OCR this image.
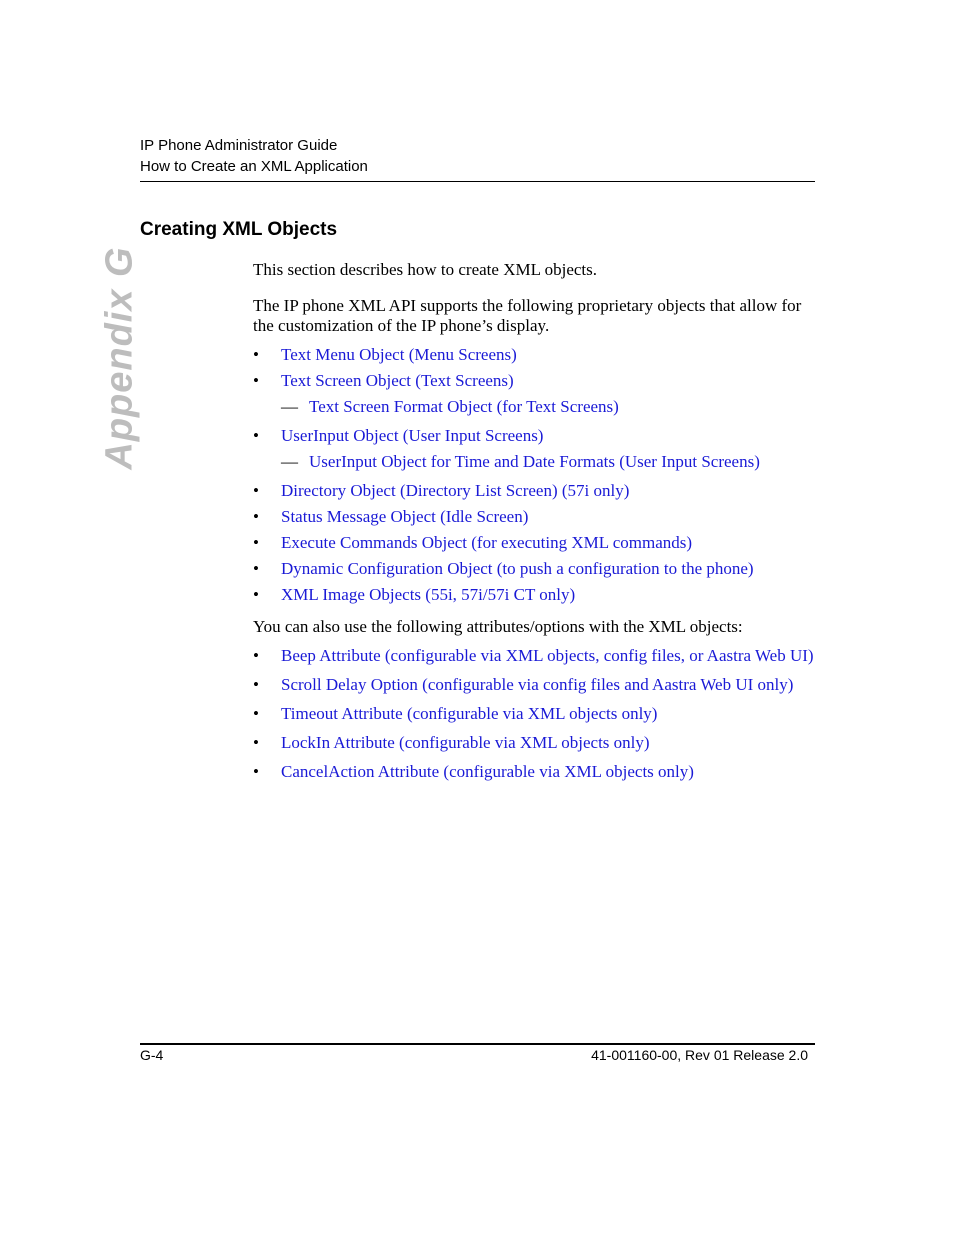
IP Phone Administrator Guide
How to Create an XML Application
Creating XML Objects
Appendix G	This section describes how to create XML objects.

The IP phone XML API supports the following proprietary objects that allow for the customization of the IP phone’s display.

• Text Menu Object (Menu Screens)
• Text Screen Object (Text Screens)
— Text Screen Format Object (for Text Screens)
• UserInput Object (User Input Screens)
— UserInput Object for Time and Date Formats (User Input Screens)
• Directory Object (Directory List Screen) (57i only)
• Status Message Object (Idle Screen)
• Execute Commands Object (for executing XML commands)
• Dynamic Configuration Object (to push a configuration to the phone)
• XML Image Objects (55i, 57i/57i CT only)

You can also use the following attributes/options with the XML objects:

• Beep Attribute (configurable via XML objects, config files, or Aastra Web UI)
• Scroll Delay Option (configurable via config files and Aastra Web UI only)
• Timeout Attribute (configurable via XML objects only)
• LockIn Attribute (configurable via XML objects only)
• CancelAction Attribute (configurable via XML objects only)
G-4	41-001160-00, Rev 01 Release 2.0
